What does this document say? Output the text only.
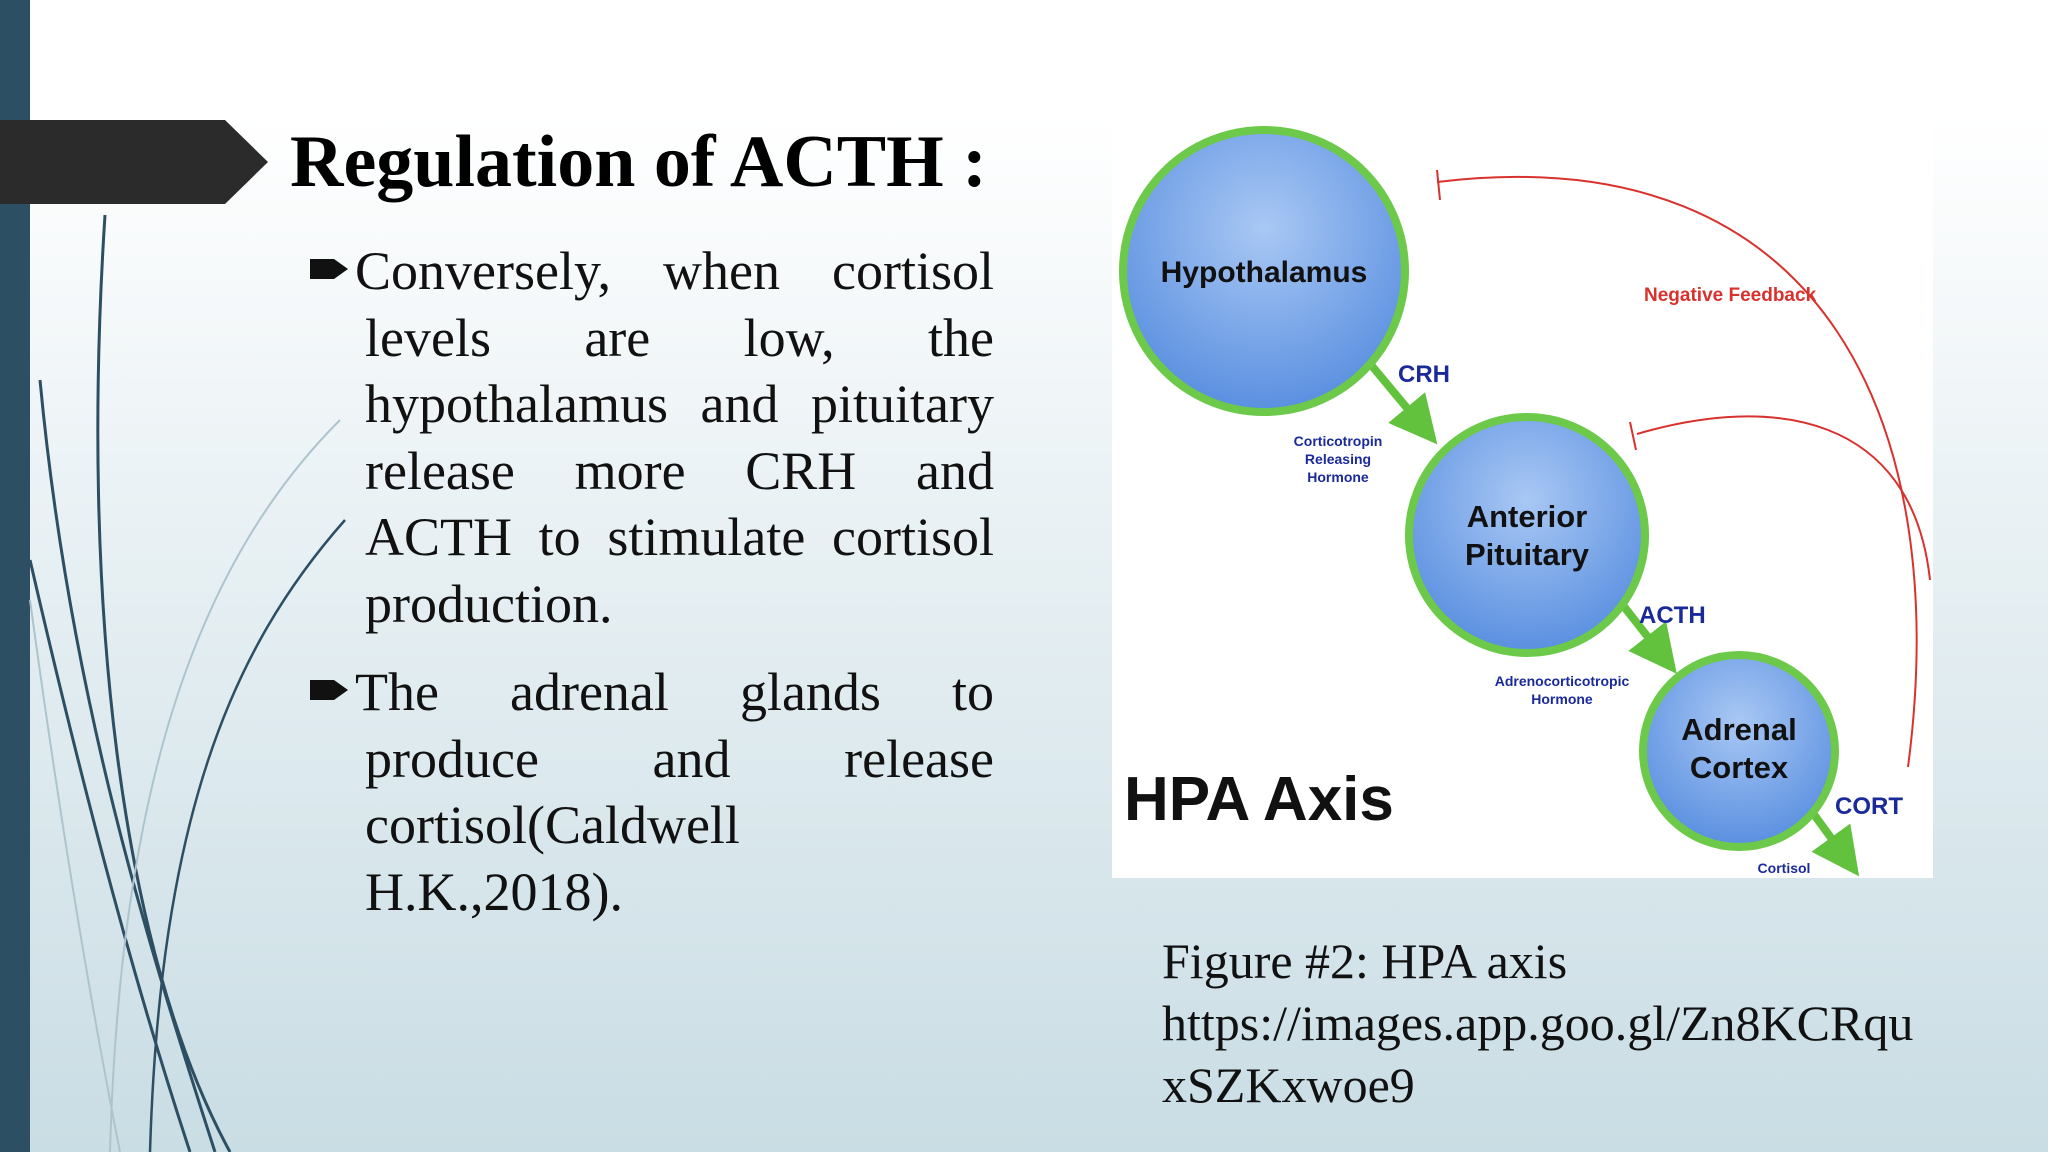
Regulation of ACTH :
Conversely, when cortisol levels are low, the hypothalamus and pituitary release more CRH and ACTH to stimulate cortisol production.
The adrenal glands to produce and release cortisol(Caldwell H.K.,2018).
Hypothalamus
Anterior
Pituitary
Adrenal
Cortex
CRH
Corticotropin
Releasing
Hormone
ACTH
Adrenocorticotropic
Hormone
CORT
Cortisol
Negative Feedback
HPA Axis
Figure #2: HPA axis
https://images.app.goo.gl/Zn8KCRqu
xSZKxwoe9
